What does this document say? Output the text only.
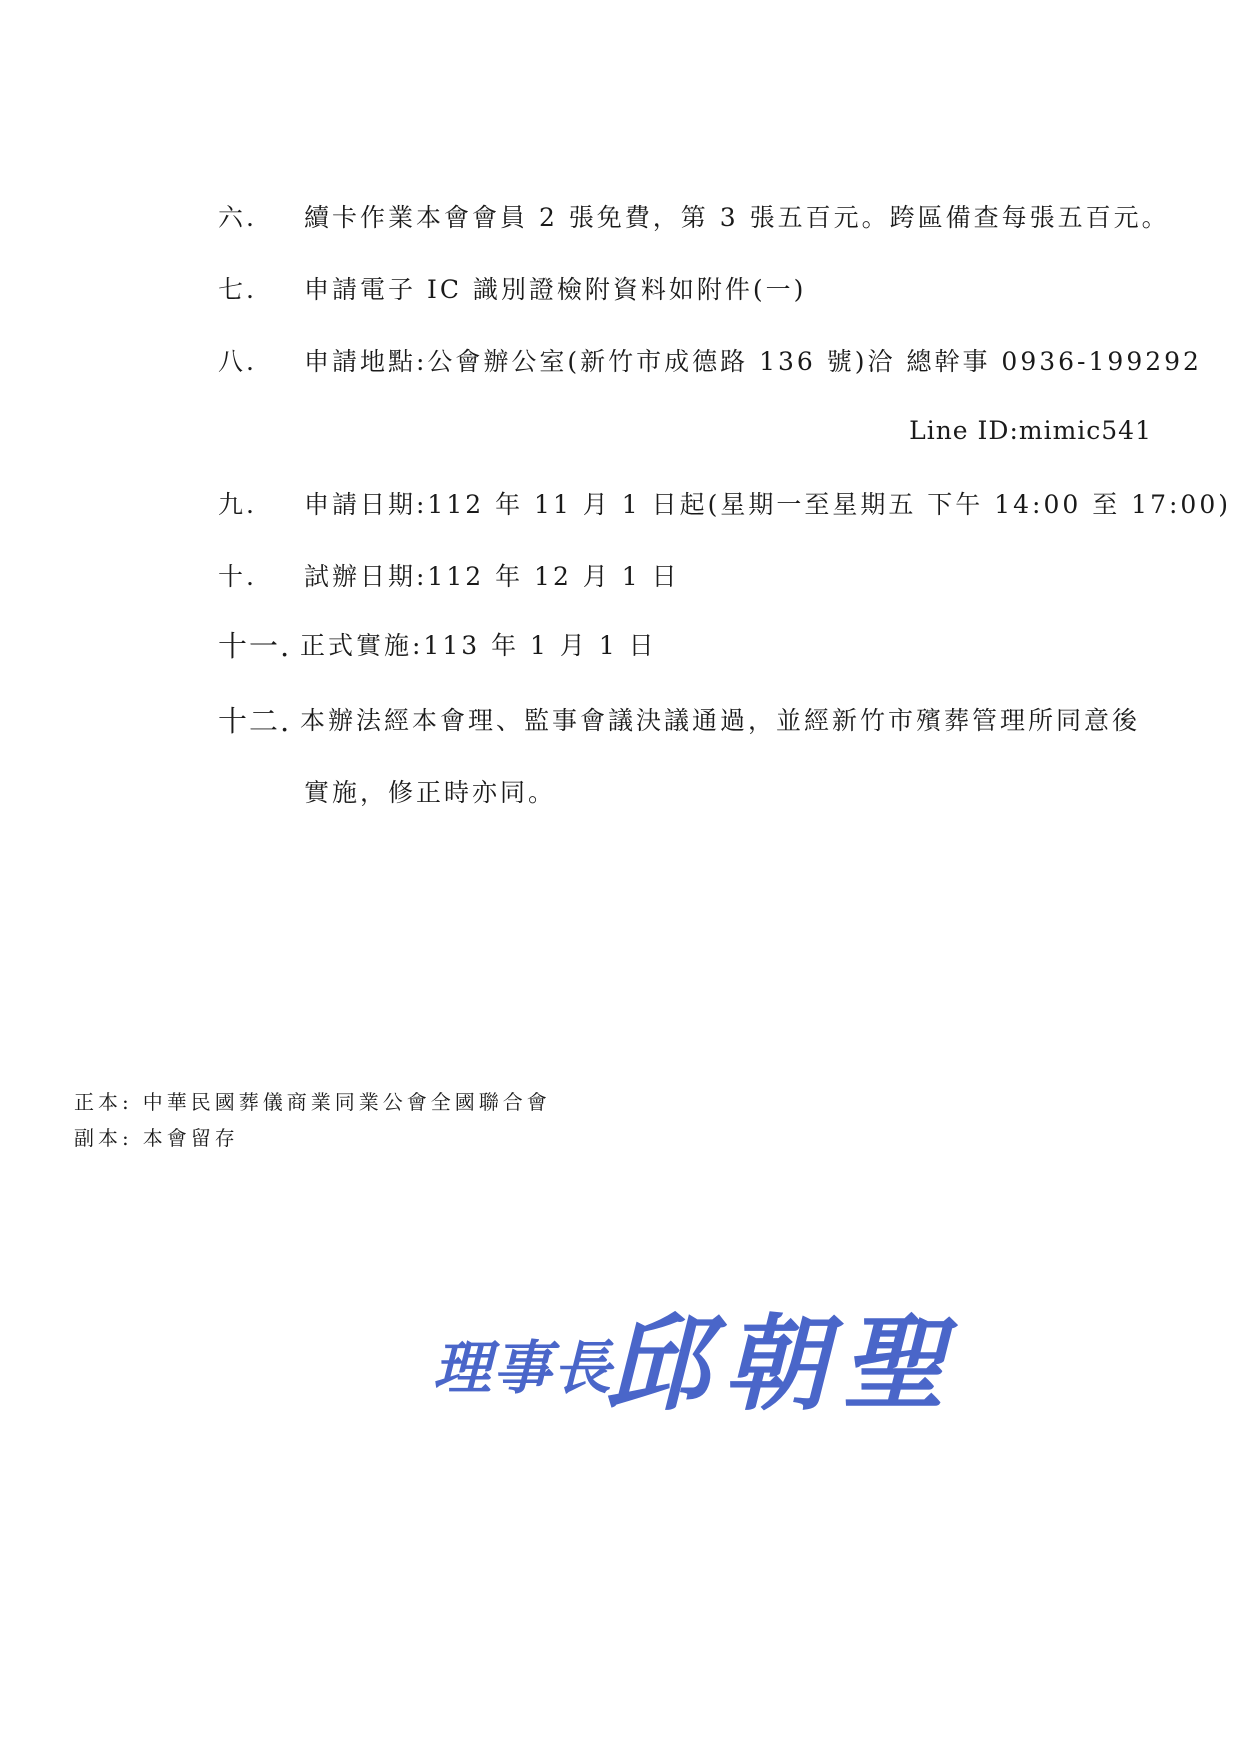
六.	續卡作業本會會員 2 張免費，第 3 張五百元。跨區備查每張五百元。
七.	申請電子 IC 識別證檢附資料如附件(一)
八.	申請地點:公會辦公室(新竹市成德路 136 號)洽 總幹事 0936-199292
Line ID:mimic541
九.	申請日期:112 年 11 月 1 日起(星期一至星期五 下午 14:00 至 17:00)
十.	試辦日期:112 年 12 月 1 日
十一. 正式實施:113 年 1 月 1 日
十二. 本辦法經本會理、監事會議決議通過，並經新竹市殯葬管理所同意後
實施，修正時亦同。
正本: 中華民國葬儀商業同業公會全國聯合會
副本: 本會留存
理事長
邱朝聖
